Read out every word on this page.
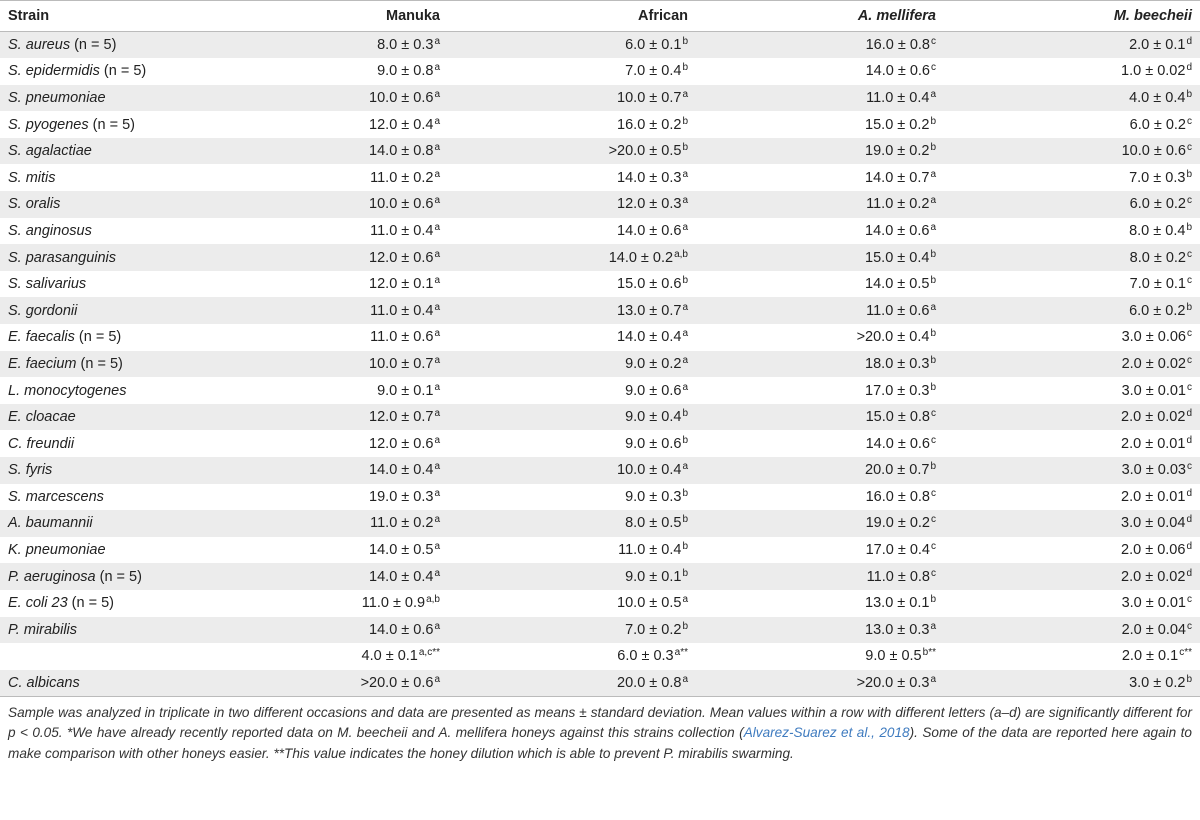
Strain	Manuka	African	A. mellifera	M. beecheii
S. aureus (n = 5)	8.0 ± 0.3$^a$	6.0 ± 0.1$^b$	16.0 ± 0.8$^c$	2.0 ± 0.1$^d$
S. epidermidis (n = 5)	9.0 ± 0.8$^a$	7.0 ± 0.4$^b$	14.0 ± 0.6$^c$	1.0 ± 0.02$^d$
S. pneumoniae	10.0 ± 0.6$^a$	10.0 ± 0.7$^a$	11.0 ± 0.4$^a$	4.0 ± 0.4$^b$
S. pyogenes (n = 5)	12.0 ± 0.4$^a$	16.0 ± 0.2$^b$	15.0 ± 0.2$^b$	6.0 ± 0.2$^c$
S. agalactiae	14.0 ± 0.8$^a$	>20.0 ± 0.5$^b$	19.0 ± 0.2$^b$	10.0 ± 0.6$^c$
S. mitis	11.0 ± 0.2$^a$	14.0 ± 0.3$^a$	14.0 ± 0.7$^a$	7.0 ± 0.3$^b$
S. oralis	10.0 ± 0.6$^a$	12.0 ± 0.3$^a$	11.0 ± 0.2$^a$	6.0 ± 0.2$^c$
S. anginosus	11.0 ± 0.4$^a$	14.0 ± 0.6$^a$	14.0 ± 0.6$^a$	8.0 ± 0.4$^b$
S. parasanguinis	12.0 ± 0.6$^a$	$14.0 \pm 0.2^{a,b}$	15.0 ± 0.4$^b$	8.0 ± 0.2$^c$
S. salivarius	12.0 ± 0.1$^a$	15.0 ± 0.6$^b$	14.0 ± 0.5$^b$	7.0 ± 0.1$^c$
S. gordonii	11.0 ± 0.4$^a$	13.0 ± 0.7$^a$	11.0 ± 0.6$^a$	6.0 ± 0.2$^b$
E. faecalis (n = 5)	11.0 ± 0.6$^a$	14.0 ± 0.4$^a$	>20.0 ± 0.4$^b$	3.0 ± 0.06$^c$
E. faecium (n = 5)	10.0 ± 0.7$^a$	9.0 ± 0.2$^a$	18.0 ± 0.3$^b$	2.0 ± 0.02$^c$
L. monocytogenes	9.0 ± 0.1$^a$	9.0 ± 0.6$^a$	17.0 ± 0.3$^b$	3.0 ± 0.01$^c$
E. cloacae	12.0 ± 0.7$^a$	9.0 ± 0.4$^b$	15.0 ± 0.8$^c$	2.0 ± 0.02$^d$
C. freundii	12.0 ± 0.6$^a$	9.0 ± 0.6$^b$	14.0 ± 0.6$^c$	2.0 ± 0.01$^d$
S. fyris	14.0 ± 0.4$^a$	10.0 ± 0.4$^a$	20.0 ± 0.7$^b$	3.0 ± 0.03$^c$
S. marcescens	19.0 ± 0.3$^a$	9.0 ± 0.3$^b$	16.0 ± 0.8$^c$	2.0 ± 0.01$^d$
A. baumannii	11.0 ± 0.2$^a$	8.0 ± 0.5$^b$	19.0 ± 0.2$^c$	3.0 ± 0.04$^d$
K. pneumoniae	14.0 ± 0.5$^a$	11.0 ± 0.4$^b$	17.0 ± 0.4$^c$	2.0 ± 0.06$^d$
P. aeruginosa (n = 5)	14.0 ± 0.4$^a$	9.0 ± 0.1$^b$	11.0 ± 0.8$^c$	2.0 ± 0.02$^d$
E. coli 23 (n = 5)	$11.0 \pm 0.9^{a,b}$	10.0 ± 0.5$^a$	13.0 ± 0.1$^b$	3.0 ± 0.01$^c$
P. mirabilis	14.0 ± 0.6$^a$	7.0 ± 0.2$^b$	13.0 ± 0.3$^a$	2.0 ± 0.04$^c$
	$4.0 \pm 0.1^{a,c**}$	$6.0 \pm 0.3^{a**}$	$9.0 \pm 0.5^{b**}$	$2.0 \pm 0.1^{c**}$
C. albicans	>20.0 ± 0.6$^a$	20.0 ± 0.8$^a$	>20.0 ± 0.3$^a$	3.0 ± 0.2$^b$
Sample was analyzed in triplicate in two different occasions and data are presented as means ± standard deviation. Mean values within a row with different letters (a–d) are significantly different for p < 0.05. *We have already recently reported data on M. beecheii and A. mellifera honeys against this strains collection (Alvarez-Suarez et al., 2018). Some of the data are reported here again to make comparison with other honeys easier. **This value indicates the honey dilution which is able to prevent P. mirabilis swarming.
